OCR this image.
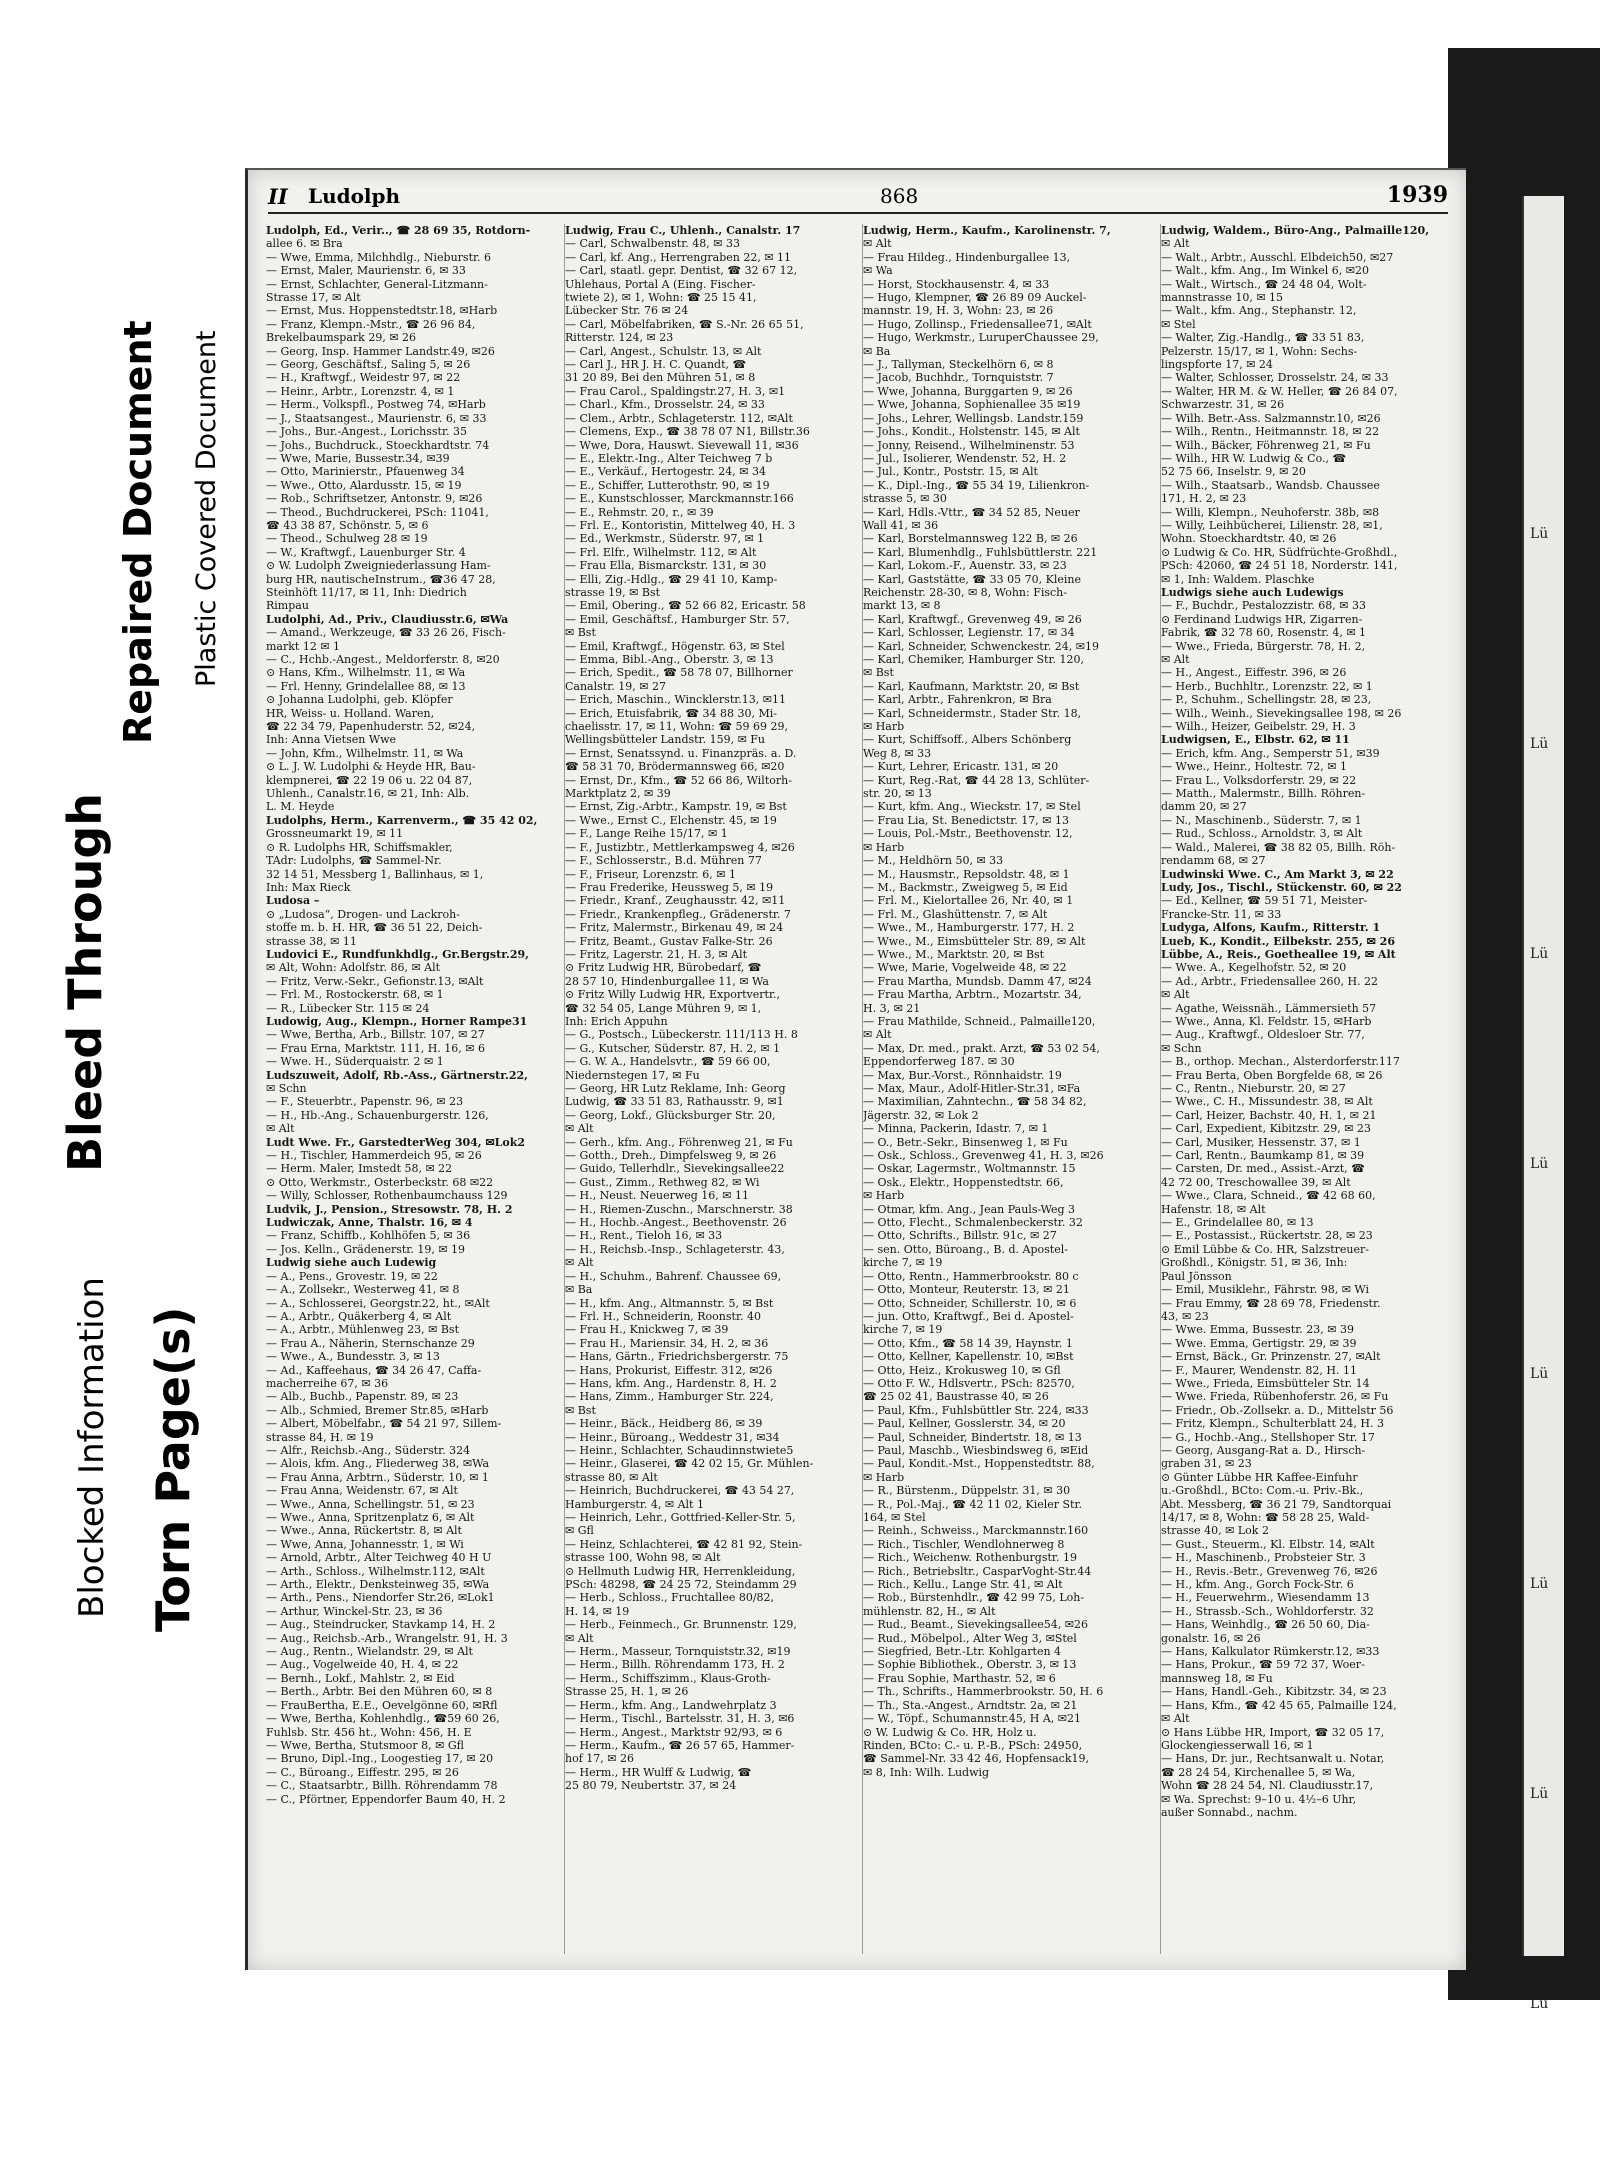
Blocked Information Torn Page(s)
Bleed Through
Repaired Document Plastic Covered Document
II Ludolph	868	1939
Ludolph, Ed., Verir.., ☎ 28 69 35, Rotdorn-
allee 6. ✉ Bra
— Wwe, Emma, Milchhdlg., Nieburstr. 6
— Ernst, Maler, Maurienstr. 6, ✉ 33
— Ernst, Schlachter, General-Litzmann-
Strasse 17, ✉ Alt
— Ernst, Mus. Hoppenstedtstr.18, ✉Harb
— Franz, Klempn.-Mstr., ☎ 26 96 84,
Brekelbaumspark 29, ✉ 26
— Georg, Insp. Hammer Landstr.49, ✉26
— Georg, Geschäftsf., Saling 5, ✉ 26
— H., Kraftwgf., Weidestr 97, ✉ 22
— Heinr., Arbtr., Lorenzstr. 4, ✉ 1
— Herm., Volkspfl., Postweg 74, ✉Harb
— J., Staatsangest., Maurienstr. 6, ✉ 33
— Johs., Bur.-Angest., Lorichsstr. 35
— Johs., Buchdruck., Stoeckhardtstr. 74
— Wwe, Marie, Bussestr.34, ✉39
— Otto, Marinierstr., Pfauenweg 34
— Wwe., Otto, Alardusstr. 15, ✉ 19
— Rob., Schriftsetzer, Antonstr. 9, ✉26
— Theod., Buchdruckerei, PSch: 11041,
☎ 43 38 87, Schönstr. 5, ✉ 6
— Theod., Schulweg 28 ✉ 19
— W., Kraftwgf., Lauenburger Str. 4
⊙ W. Ludolph Zweigniederlassung Ham-
burg HR, nautischeInstrum., ☎36 47 28,
Steinhöft 11/17, ✉ 11, Inh: Diedrich
Rimpau
Ludolphi, Ad., Priv., Claudiusstr.6, ✉Wa
— Amand., Werkzeuge, ☎ 33 26 26, Fisch-
markt 12 ✉ 1
— C., Hchb.-Angest., Meldorferstr. 8, ✉20
⊙ Hans, Kfm., Wilhelmstr. 11, ✉ Wa
— Frl. Henny, Grindelallee 88, ✉ 13
⊙ Johanna Ludolphi, geb. Klöpfer
HR, Weiss- u. Holland. Waren,
☎ 22 34 79, Papenhuderstr. 52, ✉24,
Inh: Anna Vietsen Wwe
— John, Kfm., Wilhelmstr. 11, ✉ Wa
⊙ L. J. W. Ludolphi & Heyde HR, Bau-
klempnerei, ☎ 22 19 06 u. 22 04 87,
Uhlenh., Canalstr.16, ✉ 21, Inh: Alb.
L. M. Heyde
Ludolphs, Herm., Karrenverm., ☎ 35 42 02,
Grossneumarkt 19, ✉ 11
⊙ R. Ludolphs HR, Schiffsmakler,
TAdr: Ludolphs, ☎ Sammel-Nr.
32 14 51, Messberg 1, Ballinhaus, ✉ 1,
Inh: Max Rieck
Ludosa –
⊙ „Ludosa“, Drogen- und Lackroh-
stoffe m. b. H. HR, ☎ 36 51 22, Deich-
strasse 38, ✉ 11
Ludovici E., Rundfunkhdlg., Gr.Bergstr.29,
✉ Alt, Wohn: Adolfstr. 86, ✉ Alt
— Fritz, Verw.-Sekr., Gefionstr.13, ✉Alt
— Frl. M., Rostockerstr. 68, ✉ 1
— R., Lübecker Str. 115 ✉ 24
Ludowig, Aug., Klempn., Horner Rampe31
— Wwe, Bertha, Arb., Billstr. 107, ✉ 27
— Frau Erna, Marktstr. 111, H. 16, ✉ 6
— Wwe. H., Süderquaistr. 2 ✉ 1
Ludszuweit, Adolf, Rb.-Ass., Gärtnerstr.22,
✉ Schn
— F., Steuerbtr., Papenstr. 96, ✉ 23
— H., Hb.-Ang., Schauenburgerstr. 126,
✉ Alt
Ludt Wwe. Fr., GarstedterWeg 304, ✉Lok2
— H., Tischler, Hammerdeich 95, ✉ 26
— Herm. Maler, Imstedt 58, ✉ 22
⊙ Otto, Werkmstr., Osterbeckstr. 68 ✉22
— Willy, Schlosser, Rothenbaumchauss 129
Ludvik, J., Pension., Stresowstr. 78, H. 2
Ludwiczak, Anne, Thalstr. 16, ✉ 4
— Franz, Schiffb., Kohlhöfen 5, ✉ 36
— Jos. Kelln., Grädenerstr. 19, ✉ 19
Ludwig siehe auch Ludewig
— A., Pens., Grovestr. 19, ✉ 22
— A., Zollsekr., Westerweg 41, ✉ 8
— A., Schlosserei, Georgstr.22, ht., ✉Alt
— A., Arbtr., Quäkerberg 4, ✉ Alt
— A., Arbtr., Mühlenweg 23, ✉ Bst
— Frau A., Näherin, Sternschanze 29
— Wwe., A., Bundesstr. 3, ✉ 13
— Ad., Kaffeehaus, ☎ 34 26 47, Caffa-
macherreihe 67, ✉ 36
— Alb., Buchb., Papenstr. 89, ✉ 23
— Alb., Schmied, Bremer Str.85, ✉Harb
— Albert, Möbelfabr., ☎ 54 21 97, Sillem-
strasse 84, H. ✉ 19
— Alfr., Reichsb.-Ang., Süderstr. 324
— Alois, kfm. Ang., Fliederweg 38, ✉Wa
— Frau Anna, Arbtrn., Süderstr. 10, ✉ 1
— Frau Anna, Weidenstr. 67, ✉ Alt
— Wwe., Anna, Schellingstr. 51, ✉ 23
— Wwe., Anna, Spritzenplatz 6, ✉ Alt
— Wwe., Anna, Rückertstr. 8, ✉ Alt
— Wwe, Anna, Johannesstr. 1, ✉ Wi
— Arnold, Arbtr., Alter Teichweg 40 H U
— Arth., Schloss., Wilhelmstr.112, ✉Alt
— Arth., Elektr., Denksteinweg 35, ✉Wa
— Arth., Pens., Niendorfer Str.26, ✉Lok1
— Arthur, Winckel-Str. 23, ✉ 36
— Aug., Steindrucker, Stavkamp 14, H. 2
— Aug., Reichsb.-Arb., Wrangelstr. 91, H. 3
— Aug., Rentn., Wielandstr. 29, ✉ Alt
— Aug., Vogelweide 40, H. 4, ✉ 22
— Bernh., Lokf., Mahlstr. 2, ✉ Eid
— Berth., Arbtr. Bei den Mühren 60, ✉ 8
— FrauBertha, E.E., Oevelgönne 60, ✉Rfl
— Wwe, Bertha, Kohlenhdlg., ☎59 60 26,
Fuhlsb. Str. 456 ht., Wohn: 456, H. E
— Wwe, Bertha, Stutsmoor 8, ✉ Gfl
— Bruno, Dipl.-Ing., Loogestieg 17, ✉ 20
— C., Büroang., Eiffestr. 295, ✉ 26
— C., Staatsarbtr., Billh. Röhrendamm 78
— C., Pförtner, Eppendorfer Baum 40, H. 2
Ludwig, Frau C., Uhlenh., Canalstr. 17
— Carl, Schwalbenstr. 48, ✉ 33
— Carl, kf. Ang., Herrengraben 22, ✉ 11
— Carl, staatl. gepr. Dentist, ☎ 32 67 12,
Uhlehaus, Portal A (Eing. Fischer-
twiete 2), ✉ 1, Wohn: ☎ 25 15 41,
Lübecker Str. 76 ✉ 24
— Carl, Möbelfabriken, ☎ S.-Nr. 26 65 51,
Ritterstr. 124, ✉ 23
— Carl, Angest., Schulstr. 13, ✉ Alt
— Carl J., HR J. H. C. Quandt, ☎
31 20 89, Bei den Mühren 51, ✉ 8
— Frau Carol., Spaldingstr.27, H. 3, ✉1
— Charl., Kfm., Drosselstr. 24, ✉ 33
— Clem., Arbtr., Schlageterstr. 112, ✉Alt
— Clemens, Exp., ☎ 38 78 07 N1, Billstr.36
— Wwe, Dora, Hauswt. Sievewall 11, ✉36
— E., Elektr.-Ing., Alter Teichweg 7 b
— E., Verkäuf., Hertogestr. 24, ✉ 34
— E., Schiffer, Lutterothstr. 90, ✉ 19
— E., Kunstschlosser, Marckmannstr.166
— E., Rehmstr. 20, r., ✉ 39
— Frl. E., Kontoristin, Mittelweg 40, H. 3
— Ed., Werkmstr., Süderstr. 97, ✉ 1
— Frl. Elfr., Wilhelmstr. 112, ✉ Alt
— Frau Ella, Bismarckstr. 131, ✉ 30
— Elli, Zig.-Hdlg., ☎ 29 41 10, Kamp-
strasse 19, ✉ Bst
— Emil, Obering., ☎ 52 66 82, Ericastr. 58
— Emil, Geschäftsf., Hamburger Str. 57,
✉ Bst
— Emil, Kraftwgf., Högenstr. 63, ✉ Stel
— Emma, Bibl.-Ang., Oberstr. 3, ✉ 13
— Erich, Spedit., ☎ 58 78 07, Billhorner
Canalstr. 19, ✉ 27
— Erich, Maschin., Wincklerstr.13, ✉11
— Erich, Etuisfabrik, ☎ 34 88 30, Mi-
chaelisstr. 17, ✉ 11, Wohn: ☎ 59 69 29,
Wellingsbütteler Landstr. 159, ✉ Fu
— Ernst, Senatssynd. u. Finanzpräs. a. D.
☎ 58 31 70, Brödermannsweg 66, ✉20
— Ernst, Dr., Kfm., ☎ 52 66 86, Wiltorh-
Marktplatz 2, ✉ 39
— Ernst, Zig.-Arbtr., Kampstr. 19, ✉ Bst
— Wwe., Ernst C., Elchenstr. 45, ✉ 19
— F., Lange Reihe 15/17, ✉ 1
— F., Justizbtr., Mettlerkampsweg 4, ✉26
— F., Schlosserstr., B.d. Mühren 77
— F., Friseur, Lorenzstr. 6, ✉ 1
— Frau Frederike, Heussweg 5, ✉ 19
— Friedr., Kranf., Zeughausstr. 42, ✉11
— Friedr., Krankenpfleg., Grädenerstr. 7
— Fritz, Malermstr., Birkenau 49, ✉ 24
— Fritz, Beamt., Gustav Falke-Str. 26
— Fritz, Lagerstr. 21, H. 3, ✉ Alt
⊙ Fritz Ludwig HR, Bürobedarf, ☎
28 57 10, Hindenburgallee 11, ✉ Wa
⊙ Fritz Willy Ludwig HR, Exportvertr.,
☎ 32 54 05, Lange Mühren 9, ✉ 1,
Inh: Erich Appuhn
— G., Postsch., Lübeckerstr. 111/113 H. 8
— G., Kutscher, Süderstr. 87, H. 2, ✉ 1
— G. W. A., Handelsvtr., ☎ 59 66 00,
Niedernstegen 17, ✉ Fu
— Georg, HR Lutz Reklame, Inh: Georg
Ludwig, ☎ 33 51 83, Rathausstr. 9, ✉1
— Georg, Lokf., Glücksburger Str. 20,
✉ Alt
— Gerh., kfm. Ang., Föhrenweg 21, ✉ Fu
— Gotth., Dreh., Dimpfelsweg 9, ✉ 26
— Guido, Tellerhdlr., Sievekingsallee22
— Gust., Zimm., Rethweg 82, ✉ Wi
— H., Neust. Neuerweg 16, ✉ 11
— H., Riemen-Zuschn., Marschnerstr. 38
— H., Hochb.-Angest., Beethovenstr. 26
— H., Rent., Tieloh 16, ✉ 33
— H., Reichsb.-Insp., Schlageterstr. 43,
✉ Alt
— H., Schuhm., Bahrenf. Chaussee 69,
✉ Ba
— H., kfm. Ang., Altmannstr. 5, ✉ Bst
— Frl. H., Schneiderin, Roonstr. 40
— Frau H., Knickweg 7, ✉ 39
— Frau H., Mariensir. 34, H. 2, ✉ 36
— Hans, Gärtn., Friedrichsbergerstr. 75
— Hans, Prokurist, Eiffestr. 312, ✉26
— Hans, kfm. Ang., Hardenstr. 8, H. 2
— Hans, Zimm., Hamburger Str. 224,
✉ Bst
— Heinr., Bäck., Heidberg 86, ✉ 39
— Heinr., Büroang., Weddestr 31, ✉34
— Heinr., Schlachter, Schaudinnstwiete5
— Heinr., Glaserei, ☎ 42 02 15, Gr. Mühlen-
strasse 80, ✉ Alt
— Heinrich, Buchdruckerei, ☎ 43 54 27,
Hamburgerstr. 4, ✉ Alt 1
— Heinrich, Lehr., Gottfried-Keller-Str. 5,
✉ Gfl
— Heinz, Schlachterei, ☎ 42 81 92, Stein-
strasse 100, Wohn 98, ✉ Alt
⊙ Hellmuth Ludwig HR, Herrenkleidung,
PSch: 48298, ☎ 24 25 72, Steindamm 29
— Herb., Schloss., Fruchtallee 80/82,
H. 14, ✉ 19
— Herb., Feinmech., Gr. Brunnenstr. 129,
✉ Alt
— Herm., Masseur, Tornquiststr.32, ✉19
— Herm., Billh. Röhrendamm 173, H. 2
— Herm., Schiffszimm., Klaus-Groth-
Strasse 25, H. 1, ✉ 26
— Herm., kfm. Ang., Landwehrplatz 3
— Herm., Tischl., Bartelsstr. 31, H. 3, ✉6
— Herm., Angest., Marktstr 92/93, ✉ 6
— Herm., Kaufm., ☎ 26 57 65, Hammer-
hof 17, ✉ 26
— Herm., HR Wulff & Ludwig, ☎
25 80 79, Neubertstr. 37, ✉ 24
Ludwig, Herm., Kaufm., Karolinenstr. 7,
✉ Alt
— Frau Hildeg., Hindenburgallee 13,
✉ Wa
— Horst, Stockhausenstr. 4, ✉ 33
— Hugo, Klempner, ☎ 26 89 09 Auckel-
mannstr. 19, H. 3, Wohn: 23, ✉ 26
— Hugo, Zollinsp., Friedensallee71, ✉Alt
— Hugo, Werkmstr., LuruperChaussee 29,
✉ Ba
— J., Tallyman, Steckelhörn 6, ✉ 8
— Jacob, Buchhdr., Tornquiststr. 7
— Wwe, Johanna, Burggarten 9, ✉ 26
— Wwe, Johanna, Sophienallee 35 ✉19
— Johs., Lehrer, Wellingsb. Landstr.159
— Johs., Kondit., Holstenstr. 145, ✉ Alt
— Jonny, Reisend., Wilhelminenstr. 53
— Jul., Isolierer, Wendenstr. 52, H. 2
— Jul., Kontr., Poststr. 15, ✉ Alt
— K., Dipl.-Ing., ☎ 55 34 19, Lilienkron-
strasse 5, ✉ 30
— Karl, Hdls.-Vttr., ☎ 34 52 85, Neuer
Wall 41, ✉ 36
— Karl, Borstelmannsweg 122 B, ✉ 26
— Karl, Blumenhdlg., Fuhlsbüttlerstr. 221
— Karl, Lokom.-F., Auenstr. 33, ✉ 23
— Karl, Gaststätte, ☎ 33 05 70, Kleine
Reichenstr. 28-30, ✉ 8, Wohn: Fisch-
markt 13, ✉ 8
— Karl, Kraftwgf., Grevenweg 49, ✉ 26
— Karl, Schlosser, Legienstr. 17, ✉ 34
— Karl, Schneider, Schwenckestr. 24, ✉19
— Karl, Chemiker, Hamburger Str. 120,
✉ Bst
— Karl, Kaufmann, Marktstr. 20, ✉ Bst
— Karl, Arbtr., Fahrenkron, ✉ Bra
— Karl, Schneidermstr., Stader Str. 18,
✉ Harb
— Kurt, Schiffsoff., Albers Schönberg
Weg 8, ✉ 33
— Kurt, Lehrer, Ericastr. 131, ✉ 20
— Kurt, Reg.-Rat, ☎ 44 28 13, Schlüter-
str. 20, ✉ 13
— Kurt, kfm. Ang., Wieckstr. 17, ✉ Stel
— Frau Lia, St. Benedictstr. 17, ✉ 13
— Louis, Pol.-Mstr., Beethovenstr. 12,
✉ Harb
— M., Heldhörn 50, ✉ 33
— M., Hausmstr., Repsoldstr. 48, ✉ 1
— M., Backmstr., Zweigweg 5, ✉ Eid
— Frl. M., Kielortallee 26, Nr. 40, ✉ 1
— Frl. M., Glashüttenstr. 7, ✉ Alt
— Wwe., M., Hamburgerstr. 177, H. 2
— Wwe., M., Eimsbütteler Str. 89, ✉ Alt
— Wwe., M., Marktstr. 20, ✉ Bst
— Wwe, Marie, Vogelweide 48, ✉ 22
— Frau Martha, Mundsb. Damm 47, ✉24
— Frau Martha, Arbtrn., Mozartstr. 34,
H. 3, ✉ 21
— Frau Mathilde, Schneid., Palmaille120,
✉ Alt
— Max, Dr. med., prakt. Arzt, ☎ 53 02 54,
Eppendorferweg 187. ✉ 30
— Max, Bur.-Vorst., Rönnhaidstr. 19
— Max, Maur., Adolf-Hitler-Str.31, ✉Fa
— Maximilian, Zahntechn., ☎ 58 34 82,
Jägerstr. 32, ✉ Lok 2
— Minna, Packerin, Idastr. 7, ✉ 1
— O., Betr.-Sekr., Binsenweg 1, ✉ Fu
— Osk., Schloss., Grevenweg 41, H. 3, ✉26
— Oskar, Lagermstr., Woltmannstr. 15
— Osk., Elektr., Hoppenstedtstr. 66,
✉ Harb
— Otmar, kfm. Ang., Jean Pauls-Weg 3
— Otto, Flecht., Schmalenbeckerstr. 32
— Otto, Schrifts., Billstr. 91c, ✉ 27
— sen. Otto, Büroang., B. d. Apostel-
kirche 7, ✉ 19
— Otto, Rentn., Hammerbrookstr. 80 c
— Otto, Monteur, Reuterstr. 13, ✉ 21
— Otto, Schneider, Schillerstr. 10, ✉ 6
— jun. Otto, Kraftwgf., Bei d. Apostel-
kirche 7, ✉ 19
— Otto, Kfm., ☎ 58 14 39, Haynstr. 1
— Otto, Kellner, Kapellenstr. 10, ✉Bst
— Otto, Heiz., Krokusweg 10, ✉ Gfl
— Otto F. W., Hdlsvertr., PSch: 82570,
☎ 25 02 41, Baustrasse 40, ✉ 26
— Paul, Kfm., Fuhlsbüttler Str. 224, ✉33
— Paul, Kellner, Gosslerstr. 34, ✉ 20
— Paul, Schneider, Bindertstr. 18, ✉ 13
— Paul, Maschb., Wiesbindsweg 6, ✉Eid
— Paul, Kondit.-Mst., Hoppenstedtstr. 88,
✉ Harb
— R., Bürstenm., Düppelstr. 31, ✉ 30
— R., Pol.-Maj., ☎ 42 11 02, Kieler Str.
164, ✉ Stel
— Reinh., Schweiss., Marckmannstr.160
— Rich., Tischler, Wendlohnerweg 8
— Rich., Weichenw. Rothenburgstr. 19
— Rich., Betriebsltr., CasparVoght-Str.44
— Rich., Kellu., Lange Str. 41, ✉ Alt
— Rob., Bürstenhdlr., ☎ 42 99 75, Loh-
mühlenstr. 82, H., ✉ Alt
— Rud., Beamt., Sievekingsallee54, ✉26
— Rud., Möbelpol., Alter Weg 3, ✉Stel
— Siegfried, Betr.-Ltr. Kohlgarten 4
— Sophie Bibliothek., Oberstr. 3, ✉ 13
— Frau Sophie, Marthastr. 52, ✉ 6
— Th., Schrifts., Hammerbrookstr. 50, H. 6
— Th., Sta.-Angest., Arndtstr. 2a, ✉ 21
— W., Töpf., Schumannstr.45, H A, ✉21
⊙ W. Ludwig & Co. HR, Holz u.
Rinden, BCto: C.- u. P.-B., PSch: 24950,
☎ Sammel-Nr. 33 42 46, Hopfensack19,
✉ 8, Inh: Wilh. Ludwig
Ludwig, Waldem., Büro-Ang., Palmaille120,
✉ Alt
— Walt., Arbtr., Ausschl. Elbdeich50, ✉27
— Walt., kfm. Ang., Im Winkel 6, ✉20
— Walt., Wirtsch., ☎ 24 48 04, Wolt-
mannstrasse 10, ✉ 15
— Walt., kfm. Ang., Stephanstr. 12,
✉ Stel
— Walter, Zig.-Handlg., ☎ 33 51 83,
Pelzerstr. 15/17, ✉ 1, Wohn: Sechs-
lingspforte 17, ✉ 24
— Walter, Schlosser, Drosselstr. 24, ✉ 33
— Walter, HR M. & W. Heller, ☎ 26 84 07,
Schwarzestr. 31, ✉ 26
— Wilh. Betr.-Ass. Salzmannstr.10, ✉26
— Wilh., Rentn., Heitmannstr. 18, ✉ 22
— Wilh., Bäcker, Föhrenweg 21, ✉ Fu
— Wilh., HR W. Ludwig & Co., ☎
52 75 66, Inselstr. 9, ✉ 20
— Wilh., Staatsarb., Wandsb. Chaussee
171, H. 2, ✉ 23
— Willi, Klempn., Neuhoferstr. 38b, ✉8
— Willy, Leihbücherei, Lilienstr. 28, ✉1,
Wohn. Stoeckhardtstr. 40, ✉ 26
⊙ Ludwig & Co. HR, Südfrüchte-Großhdl.,
PSch: 42060, ☎ 24 51 18, Norderstr. 141,
✉ 1, Inh: Waldem. Plaschke
Ludwigs siehe auch Ludewigs
— F., Buchdr., Pestalozzistr. 68, ✉ 33
⊙ Ferdinand Ludwigs HR, Zigarren-
Fabrik, ☎ 32 78 60, Rosenstr. 4, ✉ 1
— Wwe., Frieda, Bürgerstr. 78, H. 2,
✉ Alt
— H., Angest., Eiffestr. 396, ✉ 26
— Herb., Buchhltr., Lorenzstr. 22, ✉ 1
— P., Schuhm., Schellingstr. 28, ✉ 23,
— Wilh., Weinh., Sievekingsallee 198, ✉ 26
— Wilh., Heizer, Geibelstr. 29, H. 3
Ludwigsen, E., Elbstr. 62, ✉ 11
— Erich, kfm. Ang., Semperstr 51, ✉39
— Wwe., Heinr., Holtestr. 72, ✉ 1
— Frau L., Volksdorferstr. 29, ✉ 22
— Matth., Malermstr., Billh. Röhren-
damm 20, ✉ 27
— N., Maschinenb., Süderstr. 7, ✉ 1
— Rud., Schloss., Arnoldstr. 3, ✉ Alt
— Wald., Malerei, ☎ 38 82 05, Billh. Röh-
rendamm 68, ✉ 27
Ludwinski Wwe. C., Am Markt 3, ✉ 22
Ludy, Jos., Tischl., Stückenstr. 60, ✉ 22
— Ed., Kellner, ☎ 59 51 71, Meister-
Francke-Str. 11, ✉ 33
Ludyga, Alfons, Kaufm., Ritterstr. 1
Lueb, K., Kondit., Eilbekstr. 255, ✉ 26
Lübbe, A., Reis., Goetheallee 19, ✉ Alt
— Wwe. A., Kegelhofstr. 52, ✉ 20
— Ad., Arbtr., Friedensallee 260, H. 22
✉ Alt
— Agathe, Weissnäh., Lämmersieth 57
— Wwe., Anna, Kl. Feldstr. 15, ✉Harb
— Aug., Kraftwgf., Oldesloer Str. 77,
✉ Schn
— B., orthop. Mechan., Alsterdorferstr.117
— Frau Berta, Oben Borgfelde 68, ✉ 26
— C., Rentn., Nieburstr. 20, ✉ 27
— Wwe., C. H., Missundestr. 38, ✉ Alt
— Carl, Heizer, Bachstr. 40, H. 1, ✉ 21
— Carl, Expedient, Kibitzstr. 29, ✉ 23
— Carl, Musiker, Hessenstr. 37, ✉ 1
— Carl, Rentn., Baumkamp 81, ✉ 39
— Carsten, Dr. med., Assist.-Arzt, ☎
42 72 00, Treschowallee 39, ✉ Alt
— Wwe., Clara, Schneid., ☎ 42 68 60,
Hafenstr. 18, ✉ Alt
— E., Grindelallee 80, ✉ 13
— E., Postassist., Rückertstr. 28, ✉ 23
⊙ Emil Lübbe & Co. HR, Salzstreuer-
Großhdl., Königstr. 51, ✉ 36, Inh:
Paul Jönsson
— Emil, Musiklehr., Fährstr. 98, ✉ Wi
— Frau Emmy, ☎ 28 69 78, Friedenstr.
43, ✉ 23
— Wwe. Emma, Bussestr. 23, ✉ 39
— Wwe. Emma, Gertigstr. 29, ✉ 39
— Ernst, Bäck., Gr. Prinzenstr. 27, ✉Alt
— F., Maurer, Wendenstr. 82, H. 11
— Wwe., Frieda, Eimsbütteler Str. 14
— Wwe. Frieda, Rübenhoferstr. 26, ✉ Fu
— Friedr., Ob.-Zollsekr. a. D., Mittelstr 56
— Fritz, Klempn., Schulterblatt 24, H. 3
— G., Hochb.-Ang., Stellshoper Str. 17
— Georg, Ausgang-Rat a. D., Hirsch-
graben 31, ✉ 23
⊙ Günter Lübbe HR Kaffee-Einfuhr
u.-Großhdl., BCto: Com.-u. Priv.-Bk.,
Abt. Messberg, ☎ 36 21 79, Sandtorquai
14/17, ✉ 8, Wohn: ☎ 58 28 25, Wald-
strasse 40, ✉ Lok 2
— Gust., Steuerm., Kl. Elbstr. 14, ✉Alt
— H., Maschinenb., Probsteier Str. 3
— H., Revis.-Betr., Grevenweg 76, ✉26
— H., kfm. Ang., Gorch Fock-Str. 6
— H., Feuerwehrm., Wiesendamm 13
— H., Strassb.-Sch., Wohldorferstr. 32
— Hans, Weinhdlg., ☎ 26 50 60, Dia-
gonalstr. 16, ✉ 26
— Hans, Kalkulator Rümkerstr.12, ✉33
— Hans, Prokur., ☎ 59 72 37, Woer-
mannsweg 18, ✉ Fu
— Hans, Handl.-Geh., Kibitzstr. 34, ✉ 23
— Hans, Kfm., ☎ 42 45 65, Palmaille 124,
✉ Alt
⊙ Hans Lübbe HR, Import, ☎ 32 05 17,
Glockengiesserwall 16, ✉ 1
— Hans, Dr. jur., Rechtsanwalt u. Notar,
☎ 28 24 54, Kirchenallee 5, ✉ Wa,
Wohn ☎ 28 24 54, Nl. Claudiusstr.17,
✉ Wa. Sprechst: 9–10 u. 4½–6 Uhr,
außer Sonnabd., nachm.
Lü
Lü
Lü
Lü
Lü
Lü
Lü
Lü
